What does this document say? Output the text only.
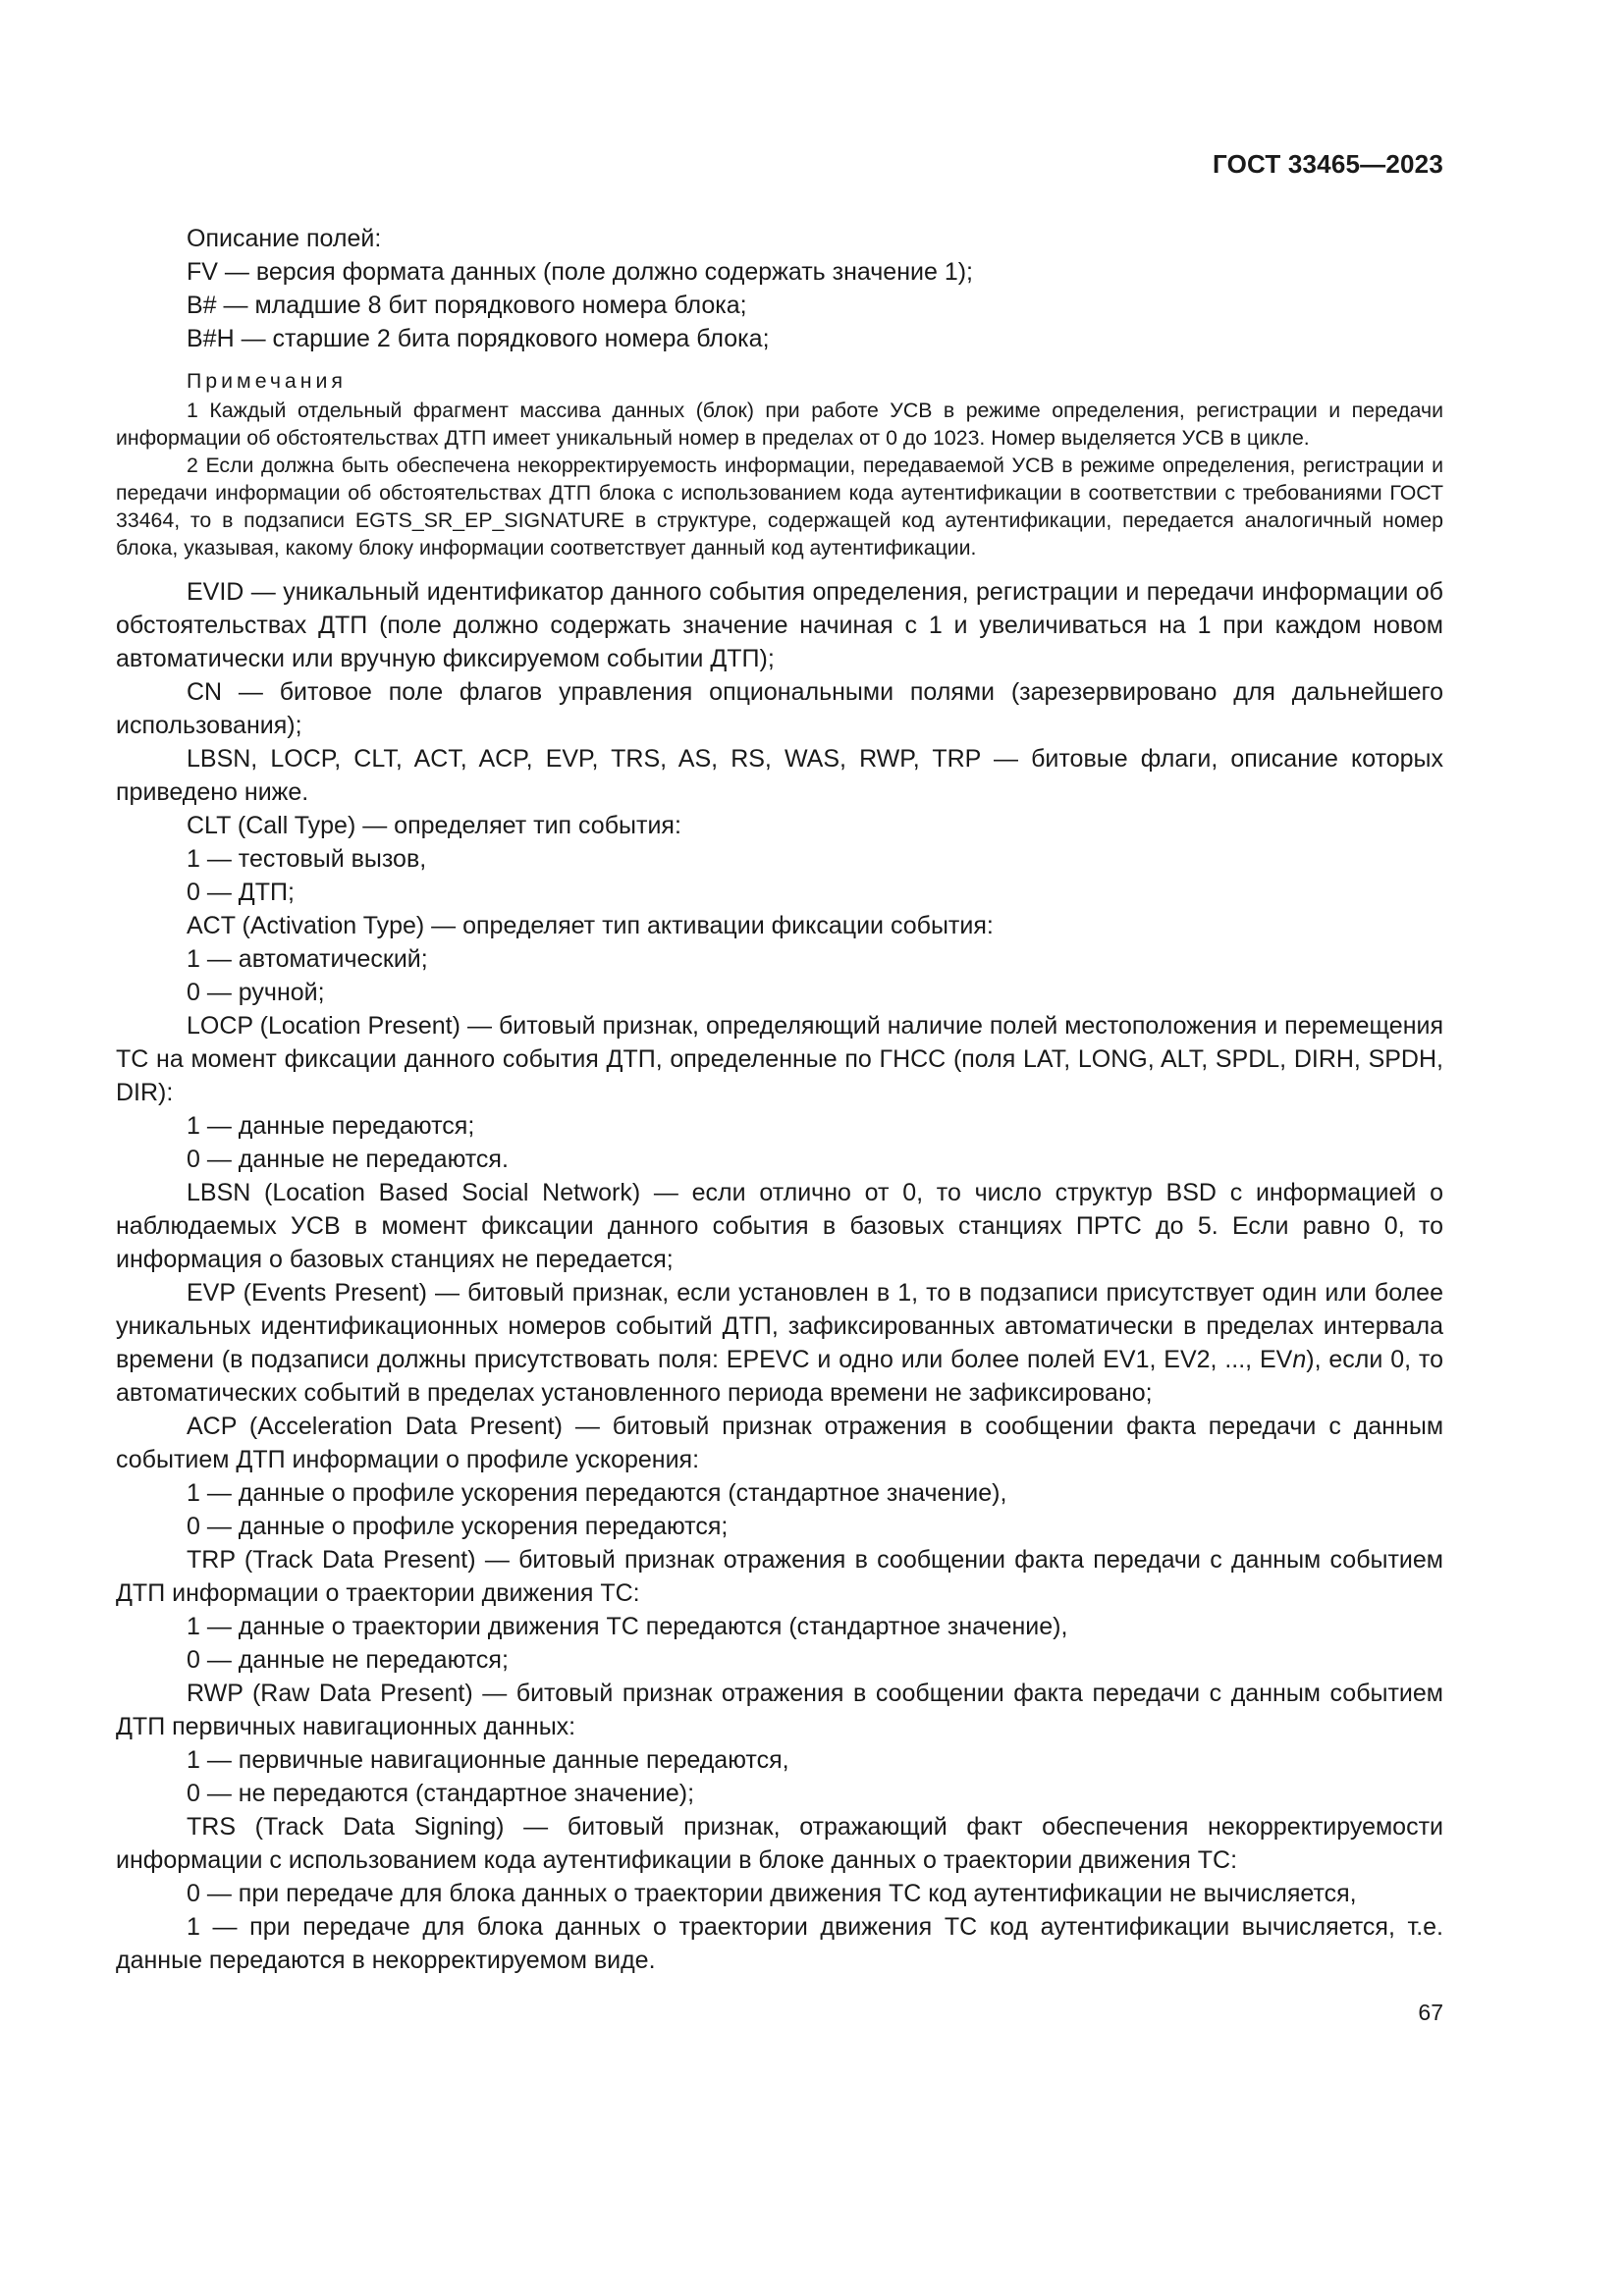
ГОСТ 33465—2023

Описание полей:

FV — версия формата данных (поле должно содержать значение 1);

B# — младшие 8 бит порядкового номера блока;

B#H — старшие 2 бита порядкового номера блока;

Примечания

1 Каждый отдельный фрагмент массива данных (блок) при работе УСВ в режиме определения, регистрации и передачи информации об обстоятельствах ДТП имеет уникальный номер в пределах от 0 до 1023. Номер выделяется УСВ в цикле.

2 Если должна быть обеспечена некорректируемость информации, передаваемой УСВ в режиме определения, регистрации и передачи информации об обстоятельствах ДТП блока с использованием кода аутентификации в соответствии с требованиями ГОСТ 33464, то в подзаписи EGTS_SR_EP_SIGNATURE в структуре, содержащей код аутентификации, передается аналогичный номер блока, указывая, какому блоку информации соответствует данный код аутентификации.

EVID — уникальный идентификатор данного события определения, регистрации и передачи информации об обстоятельствах ДТП (поле должно содержать значение начиная с 1 и увеличиваться на 1 при каждом новом автоматически или вручную фиксируемом событии ДТП);

CN — битовое поле флагов управления опциональными полями (зарезервировано для дальнейшего использования);

LBSN, LOCP, CLT, ACT, ACP, EVP, TRS, AS, RS, WAS, RWP, TRP — битовые флаги, описание которых приведено ниже.

CLT (Call Type) — определяет тип события:

1 — тестовый вызов,

0 — ДТП;

ACT (Activation Type) — определяет тип активации фиксации события:

1 — автоматический;

0 — ручной;

LOCP (Location Present) — битовый признак, определяющий наличие полей местоположения и перемещения ТС на момент фиксации данного события ДТП, определенные по ГНСС (поля LAT, LONG, ALT, SPDL, DIRH, SPDH, DIR):

1 — данные передаются;

0 — данные не передаются.

LBSN (Location Based Social Network) — если отлично от 0, то число структур BSD с информацией о наблюдаемых УСВ в момент фиксации данного события в базовых станциях ПРТС до 5. Если равно 0, то информация о базовых станциях не передается;

EVP (Events Present) — битовый признак, если установлен в 1, то в подзаписи присутствует один или более уникальных идентификационных номеров событий ДТП, зафиксированных автоматически в пределах интервала времени (в подзаписи должны присутствовать поля: EPEVC и одно или более полей EV1, EV2, ..., EVn), если 0, то автоматических событий в пределах установленного периода времени не зафиксировано;

ACP (Acceleration Data Present) — битовый признак отражения в сообщении факта передачи с данным событием ДТП информации о профиле ускорения:

1 — данные о профиле ускорения передаются (стандартное значение),

0 — данные о профиле ускорения передаются;

TRP (Track Data Present) — битовый признак отражения в сообщении факта передачи с данным событием ДТП информации о траектории движения ТС:

1 — данные о траектории движения ТС передаются (стандартное значение),

0 — данные не передаются;

RWP (Raw Data Present) — битовый признак отражения в сообщении факта передачи с данным событием ДТП первичных навигационных данных:

1 — первичные навигационные данные передаются,

0 — не передаются (стандартное значение);

TRS (Track Data Signing) — битовый признак, отражающий факт обеспечения некорректируемости информации с использованием кода аутентификации в блоке данных о траектории движения ТС:

0 — при передаче для блока данных о траектории движения ТС код аутентификации не вычисляется,

1 — при передаче для блока данных о траектории движения ТС код аутентификации вычисляется, т.е. данные передаются в некорректируемом виде.

67
